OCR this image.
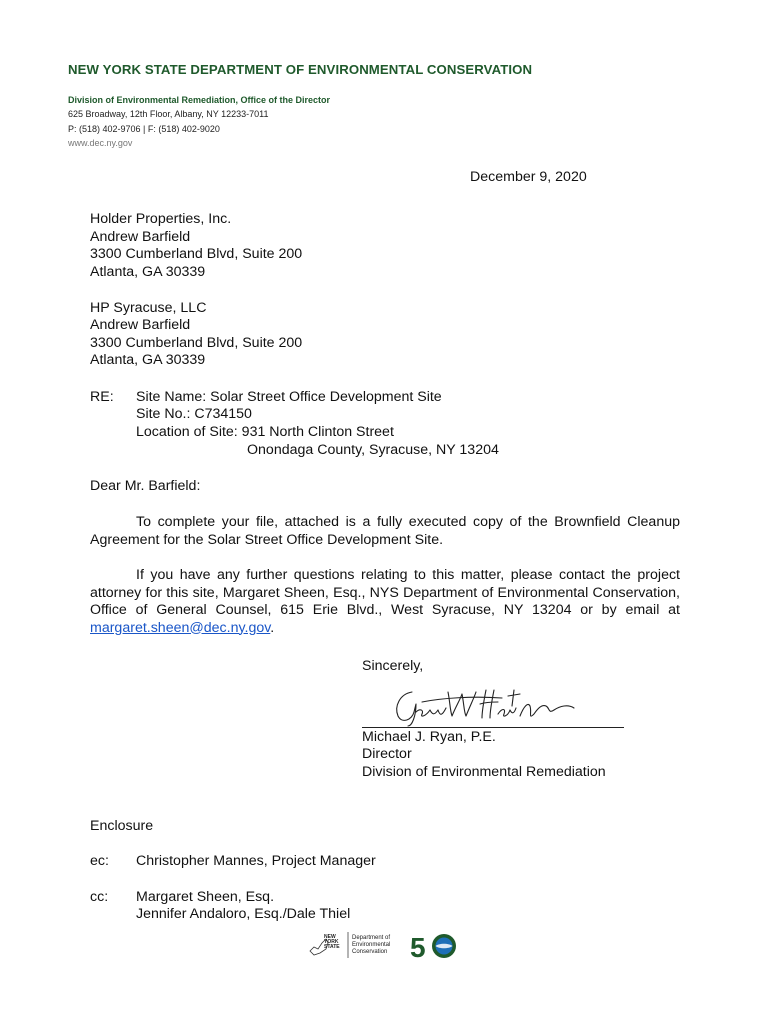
NEW YORK STATE DEPARTMENT OF ENVIRONMENTAL CONSERVATION
Division of Environmental Remediation, Office of the Director
625 Broadway, 12th Floor, Albany, NY 12233-7011
P: (518) 402-9706 | F: (518) 402-9020
www.dec.ny.gov
December 9, 2020
Holder Properties, Inc.
Andrew Barfield
3300 Cumberland Blvd, Suite 200
Atlanta, GA 30339
HP Syracuse, LLC
Andrew Barfield
3300 Cumberland Blvd, Suite 200
Atlanta, GA 30339
RE: Site Name: Solar Street Office Development Site
Site No.: C734150
Location of Site: 931 North Clinton Street
Onondaga County, Syracuse, NY 13204
Dear Mr. Barfield:
To complete your file, attached is a fully executed copy of the Brownfield Cleanup Agreement for the Solar Street Office Development Site.
If you have any further questions relating to this matter, please contact the project attorney for this site, Margaret Sheen, Esq., NYS Department of Environmental Conservation, Office of General Counsel, 615 Erie Blvd., West Syracuse, NY 13204 or by email at margaret.sheen@dec.ny.gov.
Sincerely,
Michael J. Ryan, P.E.
Director
Division of Environmental Remediation
Enclosure
ec: Christopher Mannes, Project Manager
cc: Margaret Sheen, Esq.
Jennifer Andaloro, Esq./Dale Thiel
NEW
YORK
STATE
Department of
Environmental
Conservation 5
